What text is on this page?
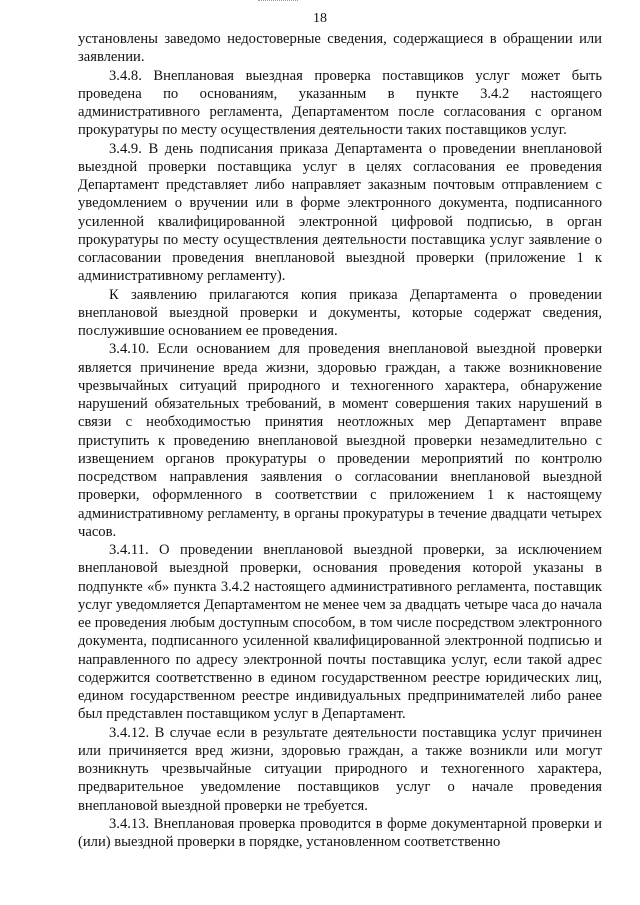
18

установлены заведомо недостоверные сведения, содержащиеся в обращении или заявлении.

3.4.8. Внеплановая выездная проверка поставщиков услуг может быть проведена по основаниям, указанным в пункте 3.4.2 настоящего административного регламента, Департаментом после согласования с органом прокуратуры по месту осуществления деятельности таких поставщиков услуг.

3.4.9. В день подписания приказа Департамента о проведении внеплановой выездной проверки поставщика услуг в целях согласования ее проведения Департамент представляет либо направляет заказным почтовым отправлением с уведомлением о вручении или в форме электронного документа, подписанного усиленной квалифицированной электронной цифровой подписью, в орган прокуратуры по месту осуществления деятельности поставщика услуг заявление о согласовании проведения внеплановой выездной проверки (приложение 1 к административному регламенту).

К заявлению прилагаются копия приказа Департамента о проведении внеплановой выездной проверки и документы, которые содержат сведения, послужившие основанием ее проведения.

3.4.10. Если основанием для проведения внеплановой выездной проверки является причинение вреда жизни, здоровью граждан, а также возникновение чрезвычайных ситуаций природного и техногенного характера, обнаружение нарушений обязательных требований, в момент совершения таких нарушений в связи с необходимостью принятия неотложных мер Департамент вправе приступить к проведению внеплановой выездной проверки незамедлительно с извещением органов прокуратуры о проведении мероприятий по контролю посредством направления заявления о согласовании внеплановой выездной проверки, оформленного в соответствии с приложением 1 к настоящему административному регламенту, в органы прокуратуры в течение двадцати четырех часов.

3.4.11. О проведении внеплановой выездной проверки, за исключением внеплановой выездной проверки, основания проведения которой указаны в подпункте «б» пункта 3.4.2 настоящего административного регламента, поставщик услуг уведомляется Департаментом не менее чем за двадцать четыре часа до начала ее проведения любым доступным способом, в том числе посредством электронного документа, подписанного усиленной квалифицированной электронной подписью и направленного по адресу электронной почты поставщика услуг, если такой адрес содержится соответственно в едином государственном реестре юридических лиц, едином государственном реестре индивидуальных предпринимателей либо ранее был представлен поставщиком услуг в Департамент.

3.4.12. В случае если в результате деятельности поставщика услуг причинен или причиняется вред жизни, здоровью граждан, а также возникли или могут возникнуть чрезвычайные ситуации природного и техногенного характера, предварительное уведомление поставщиков услуг о начале проведения внеплановой выездной проверки не требуется.

3.4.13. Внеплановая проверка проводится в форме документарной проверки и (или) выездной проверки в порядке, установленном соответственно
